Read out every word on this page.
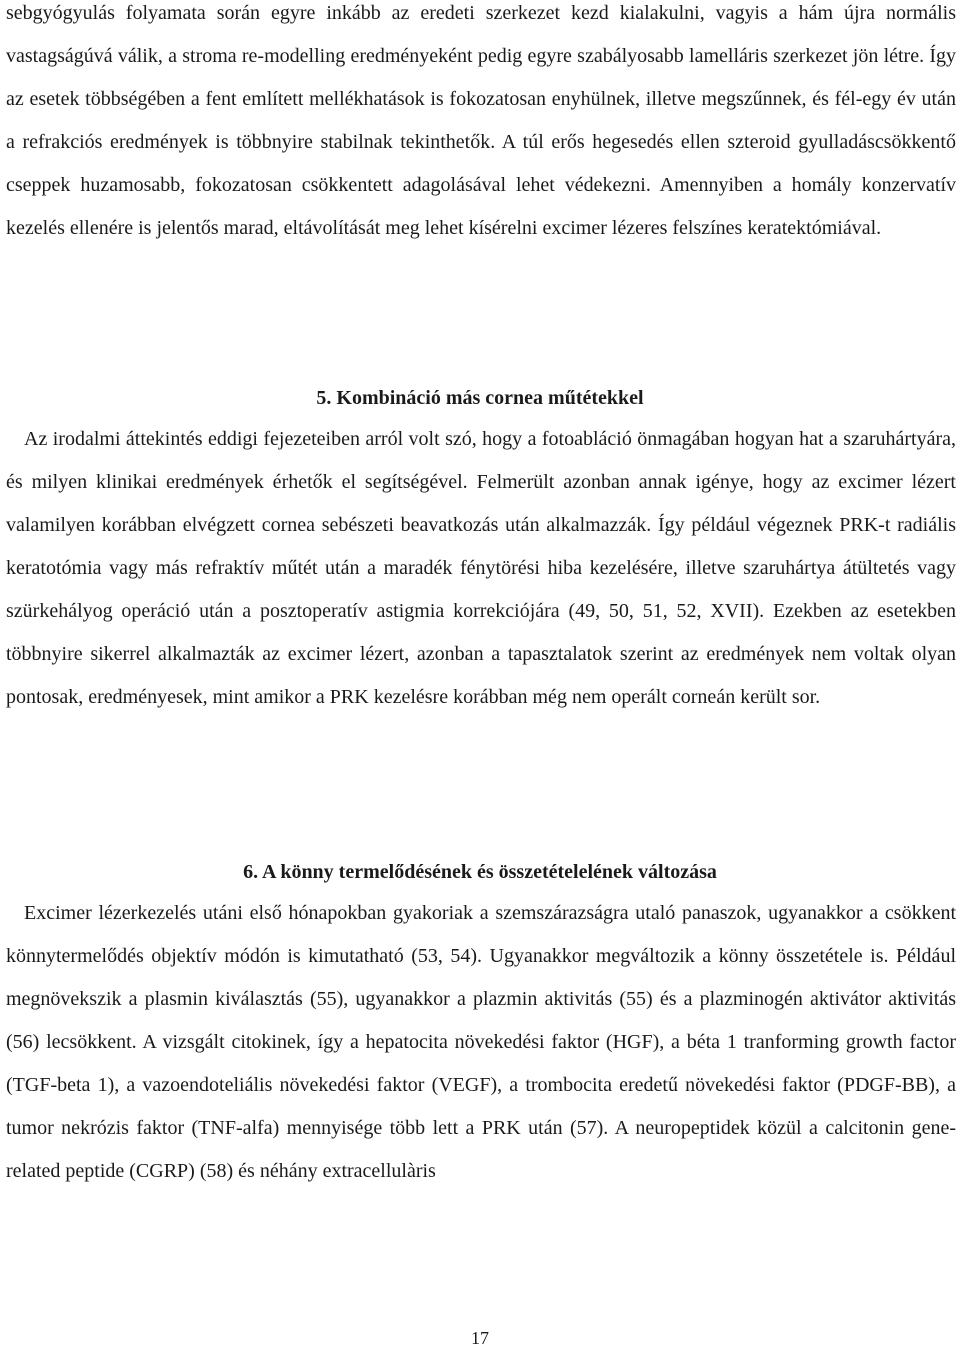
sebgyógyulás folyamata során egyre inkább az eredeti szerkezet kezd kialakulni, vagyis a hám újra normális vastagságúvá válik, a stroma re-modelling eredményeként pedig egyre szabályosabb lamelláris szerkezet jön létre. Így az esetek többségében a fent említett mellékhatások is fokozatosan enyhülnek, illetve megszűnnek, és fél-egy év után a refrakciós eredmények is többnyire stabilnak tekinthetők. A túl erős hegesedés ellen szteroid gyulladáscsökkentő cseppek huzamosabb, fokozatosan csökkentett adagolásával lehet védekezni. Amennyiben a homály konzervatív kezelés ellenére is jelentős marad, eltávolítását meg lehet kísérelni excimer lézeres felszínes keratektómiával.

5. Kombináció más cornea műtétekkel

Az irodalmi áttekintés eddigi fejezeteiben arról volt szó, hogy a fotoabláció önmagában hogyan hat a szaruhártyára, és milyen klinikai eredmények érhetők el segítségével. Felmerült azonban annak igénye, hogy az excimer lézert valamilyen korábban elvégzett cornea sebészeti beavatkozás után alkalmazzák. Így például végeznek PRK-t radiális keratotómia vagy más refraktív műtét után a maradék fénytörési hiba kezelésére, illetve szaruhártya átültetés vagy szürkehályog operáció után a posztoperatív astigmia korrekciójára (49, 50, 51, 52, XVII). Ezekben az esetekben többnyire sikerrel alkalmazták az excimer lézert, azonban a tapasztalatok szerint az eredmények nem voltak olyan pontosak, eredményesek, mint amikor a PRK kezelésre korábban még nem operált corneán került sor.

6. A könny termelődésének és összetételelének változása

Excimer lézerkezelés utáni első hónapokban gyakoriak a szemszárazságra utaló panaszok, ugyanakkor a csökkent könnytermelődés objektív módón is kimutatható (53, 54). Ugyanakkor megváltozik a könny összetétele is. Például megnövekszik a plasmin kiválasztás (55), ugyanakkor a plazmin aktivitás (55) és a plazminogén aktivátor aktivitás (56) lecsökkent. A vizsgált citokinek, így a hepatocita növekedési faktor (HGF), a béta 1 tranforming growth factor (TGF-beta 1), a vazoendoteliális növekedési faktor (VEGF), a trombocita eredetű növekedési faktor (PDGF-BB), a tumor nekrózis faktor (TNF-alfa) mennyisége több lett a PRK után (57). A neuropeptidek közül a calcitonin gene-related peptide (CGRP) (58) és néhány extracellulàris

17
